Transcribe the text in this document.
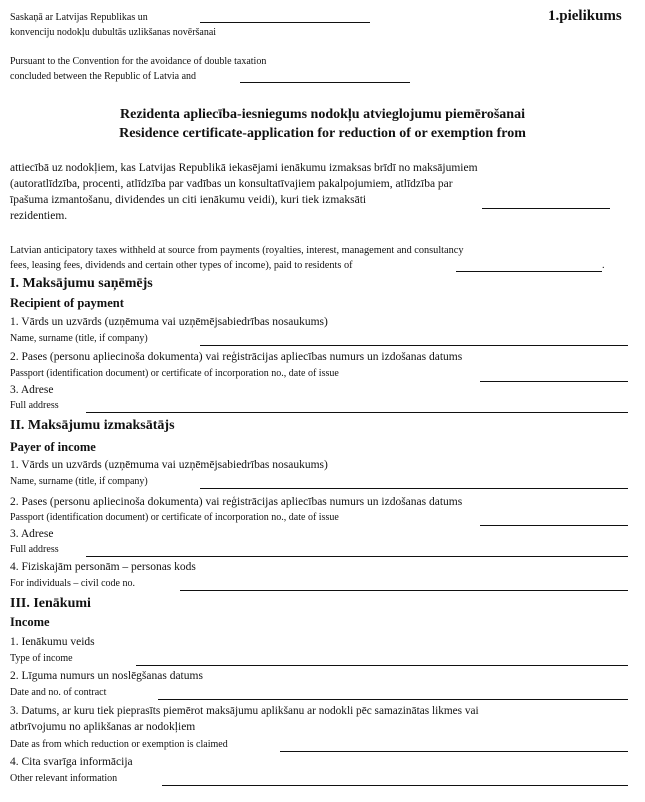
Saskaņā ar Latvijas Republikas un
konvenciju nodokļu dubultās uzlikšanas novēršanai
1.pielikums
Pursuant to the Convention for the avoidance of double taxation
concluded between the Republic of Latvia and
Rezidenta apliecība-iesniegums nodokļu atvieglojumu piemērošanai
Residence certificate-application for reduction of or exemption from
attiecībā uz nodokļiem, kas Latvijas Republikā iekasējami ienākumu izmaksas brīdī no maksājumiem
(autoratlīdzība, procenti, atlīdzība par vadības un konsultatīvajiem pakalpojumiem, atlīdzība par
īpašuma izmantošanu, dividendes un citi ienākumu veidi), kuri tiek izmaksāti
rezidentiem.
Latvian anticipatory taxes withheld at source from payments (royalties, interest, management and consultancy
fees, leasing fees, dividends and certain other types of income), paid to residents of	.
I. Maksājumu saņēmējs
Recipient of payment
1. Vārds un uzvārds (uzņēmuma vai uzņēmējsabiedrības nosaukums)
Name, surname (title, if company)
2. Pases (personu apliecinoša dokumenta) vai reģistrācijas apliecības numurs un izdošanas datums
Passport (identification document) or certificate of incorporation no., date of issue
3. Adrese
Full address
II. Maksājumu izmaksātājs
Payer of income
1. Vārds un uzvārds (uzņēmuma vai uzņēmējsabiedrības nosaukums)
Name, surname (title, if company)
2. Pases (personu apliecinoša dokumenta) vai reģistrācijas apliecības numurs un izdošanas datums
Passport (identification document) or certificate of incorporation no., date of issue
3. Adrese
Full address
4. Fiziskajām personām – personas kods
For individuals – civil code no.
III. Ienākumi
Income
1. Ienākumu veids
Type of income
2. Līguma numurs un noslēgšanas datums
Date and no. of contract
3. Datums, ar kuru tiek pieprasīts piemērot maksājumu aplikšanu ar nodokli pēc samazinātas likmes vai
atbrīvojumu no aplikšanas ar nodokļiem
Date as from which reduction or exemption is claimed
4. Cita svarīga informācija
Other relevant information
